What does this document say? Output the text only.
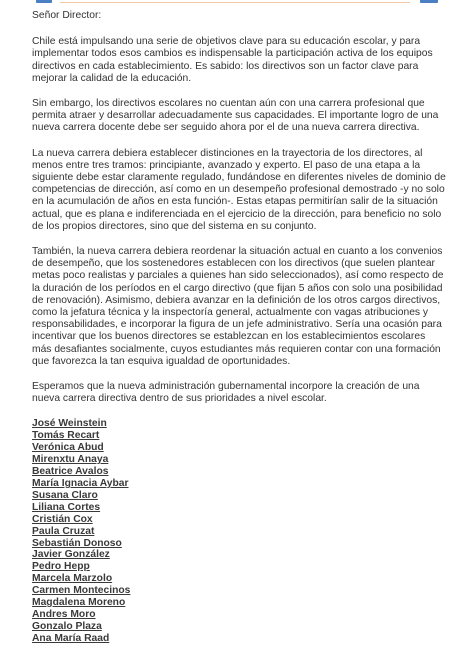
Señor Director:

Chile está impulsando una serie de objetivos clave para su educación escolar, y para implementar todos esos cambios es indispensable la participación activa de los equipos directivos en cada establecimiento. Es sabido: los directivos son un factor clave para mejorar la calidad de la educación.

Sin embargo, los directivos escolares no cuentan aún con una carrera profesional que permita atraer y desarrollar adecuadamente sus capacidades. El importante logro de una nueva carrera docente debe ser seguido ahora por el de una nueva carrera directiva.

La nueva carrera debiera establecer distinciones en la trayectoria de los directores, al menos entre tres tramos: principiante, avanzado y experto. El paso de una etapa a la siguiente debe estar claramente regulado, fundándose en diferentes niveles de dominio de competencias de dirección, así como en un desempeño profesional demostrado -y no solo en la acumulación de años en esta función-. Estas etapas permitirían salir de la situación actual, que es plana e indiferenciada en el ejercicio de la dirección, para beneficio no solo de los propios directores, sino que del sistema en su conjunto.

También, la nueva carrera debiera reordenar la situación actual en cuanto a los convenios de desempeño, que los sostenedores establecen con los directivos (que suelen plantear metas poco realistas y parciales a quienes han sido seleccionados), así como respecto de la duración de los períodos en el cargo directivo (que fijan 5 años con solo una posibilidad de renovación). Asimismo, debiera avanzar en la definición de los otros cargos directivos, como la jefatura técnica y la inspectoría general, actualmente con vagas atribuciones y responsabilidades, e incorporar la figura de un jefe administrativo. Sería una ocasión para incentivar que los buenos directores se establezcan en los establecimientos escolares más desafiantes socialmente, cuyos estudiantes más requieren contar con una formación que favorezca la tan esquiva igualdad de oportunidades.

Esperamos que la nueva administración gubernamental incorpore la creación de una nueva carrera directiva dentro de sus prioridades a nivel escolar.

José Weinstein
Tomás Recart
Verónica Abud
Mirenxtu Anaya
Beatrice Avalos
María Ignacia Aybar
Susana Claro
Liliana Cortes
Cristián Cox
Paula Cruzat
Sebastián Donoso
Javier González
Pedro Hepp
Marcela Marzolo
Carmen Montecinos
Magdalena Moreno
Andres Moro
Gonzalo Plaza
Ana María Raad
